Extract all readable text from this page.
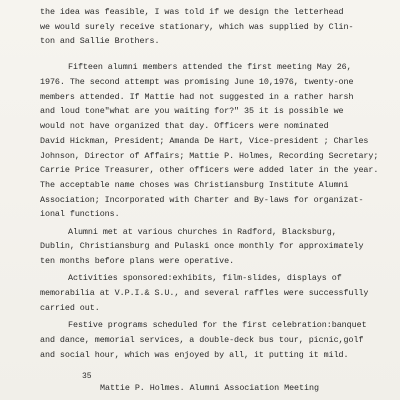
the idea was feasible, I was told if we design the letterhead
we would surely receive stationary, which was supplied by Clin-
ton and Sallie Brothers.
Fifteen alumni members attended the first meeting May 26,
1976. The second attempt was promising June 10,1976, twenty-one
members attended. If Mattie had not suggested in a rather harsh
and loud tone"what are you waiting for?" 35 it is possible we
would not have organized that day. Officers were nominated
David Hickman, President; Amanda De Hart, Vice-president ; Charles
Johnson, Director of Affairs; Mattie P. Holmes, Recording Secretary;
Carrie Price Treasurer, other officers were added later in the year.
The acceptable name choses was Christiansburg Institute Alumni
Association; Incorporated with Charter and By-laws for organizat-
ional functions.
Alumni met at various churches in Radford, Blacksburg,
Dublin, Christiansburg and Pulaski once monthly for approximately
ten months before plans were operative.
Activities sponsored:exhibits, film-slides, displays of
memorabilia at V.P.I.& S.U., and several raffles were successfully
carried out.
Festive programs scheduled for the first celebration:banquet
and dance, memorial services, a double-deck bus tour, picnic,golf
and social hour, which was enjoyed by all, it putting it mild.
35
Mattie P. Holmes. Alumni Association Meeting
